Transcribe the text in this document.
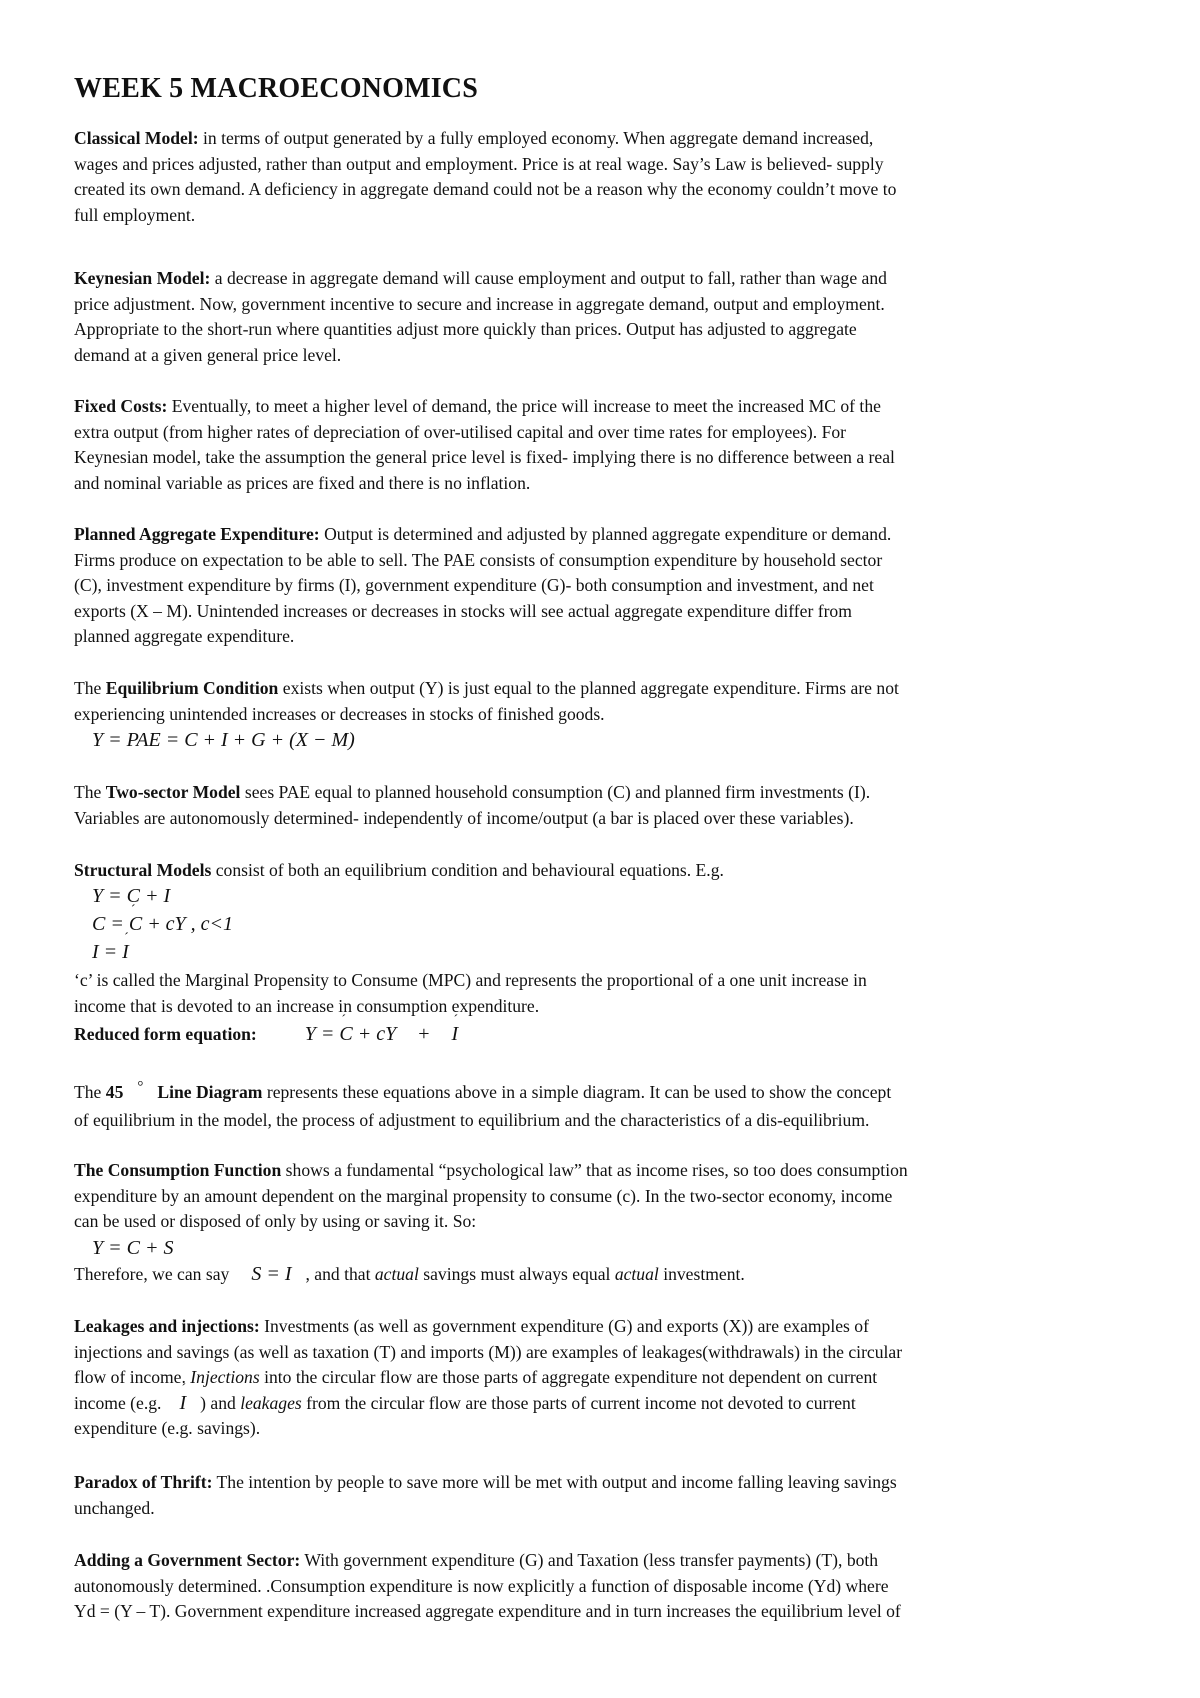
WEEK 5 MACROECONOMICS
Classical Model: in terms of output generated by a fully employed economy. When aggregate demand increased,
wages and prices adjusted, rather than output and employment. Price is at real wage. Say’s Law is believed- supply
created its own demand. A deficiency in aggregate demand could not be a reason why the economy couldn’t move to
full employment.
Keynesian Model: a decrease in aggregate demand will cause employment and output to fall, rather than wage and
price adjustment. Now, government incentive to secure and increase in aggregate demand, output and employment.
Appropriate to the short-run where quantities adjust more quickly than prices. Output has adjusted to aggregate
demand at a given general price level.
Fixed Costs: Eventually, to meet a higher level of demand, the price will increase to meet the increased MC of the
extra output (from higher rates of depreciation of over-utilised capital and over time rates for employees). For
Keynesian model, take the assumption the general price level is fixed- implying there is no difference between a real
and nominal variable as prices are fixed and there is no inflation.
Planned Aggregate Expenditure: Output is determined and adjusted by planned aggregate expenditure or demand.
Firms produce on expectation to be able to sell. The PAE consists of consumption expenditure by household sector
(C), investment expenditure by firms (I), government expenditure (G)- both consumption and investment, and net
exports (X – M). Unintended increases or decreases in stocks will see actual aggregate expenditure differ from
planned aggregate expenditure.
The Equilibrium Condition exists when output (Y) is just equal to the planned aggregate expenditure. Firms are not
experiencing unintended increases or decreases in stocks of finished goods.
Y = PAE = C + I + G + (X − M)
The Two-sector Model sees PAE equal to planned household consumption (C) and planned firm investments (I).
Variables are autonomously determined- independently of income/output (a bar is placed over these variables).
Structural Models consist of both an equilibrium condition and behavioural equations. E.g.
Y = C + I
C = ˊ C + cY , c<1
I = ˊ I
‘c’ is called the Marginal Propensity to Consume (MPC) and represents the proportional of a one unit increase in
income that is devoted to an increase in consumption expenditure.
Reduced form equation: Y = ˊ C + cY + ˊ I
The 45 ° Line Diagram represents these equations above in a simple diagram. It can be used to show the concept
of equilibrium in the model, the process of adjustment to equilibrium and the characteristics of a dis-equilibrium.
The Consumption Function shows a fundamental “psychological law” that as income rises, so too does consumption
expenditure by an amount dependent on the marginal propensity to consume (c). In the two-sector economy, income
can be used or disposed of only by using or saving it. So:
Y = C + S
Therefore, we can say S = I , and that actual savings must always equal actual investment.
Leakages and injections: Investments (as well as government expenditure (G) and exports (X)) are examples of
injections and savings (as well as taxation (T) and imports (M)) are examples of leakages(withdrawals) in the circular
flow of income. Injections into the circular flow are those parts of aggregate expenditure not dependent on current
income (e.g. ˊ I ) and leakages from the circular flow are those parts of current income not devoted to current
expenditure (e.g. savings).
Paradox of Thrift: The intention by people to save more will be met with output and income falling leaving savings
unchanged.
Adding a Government Sector: With government expenditure (G) and Taxation (less transfer payments) (T), both
autonomously determined. .Consumption expenditure is now explicitly a function of disposable income (Yd) where
Yd = (Y – T). Government expenditure increased aggregate expenditure and in turn increases the equilibrium level of
